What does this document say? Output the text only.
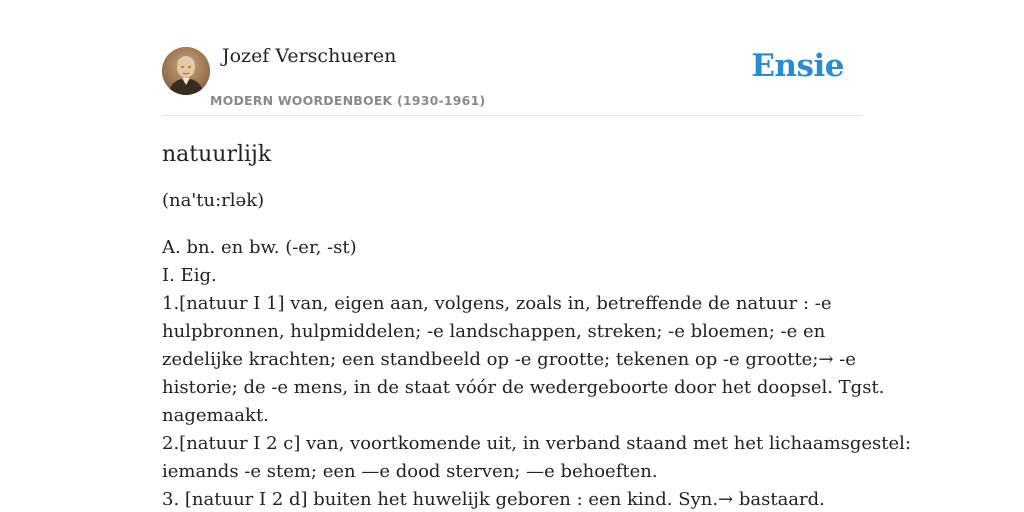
Jozef Verschueren
MODERN WOORDENBOEK (1930-1961)
Ensie
natuurlijk
(na'tu:rlək)
A. bn. en bw. (-er, -st)
I. Eig.
1.[natuur I 1] van, eigen aan, volgens, zoals in, betreffende de natuur : -e
hulpbronnen, hulpmiddelen; -e landschappen, streken; -e bloemen; -e en
zedelijke krachten; een standbeeld op -e grootte; tekenen op -e grootte;→ -e
historie; de -e mens, in de staat vóór de wedergeboorte door het doopsel. Tgst.
nagemaakt.
2.[natuur I 2 c] van, voortkomende uit, in verband staand met het lichaamsgestel:
iemands -e stem; een —e dood sterven; —e behoeften.
3. [natuur I 2 d] buiten het huwelijk geboren : een kind. Syn.→ bastaard.
